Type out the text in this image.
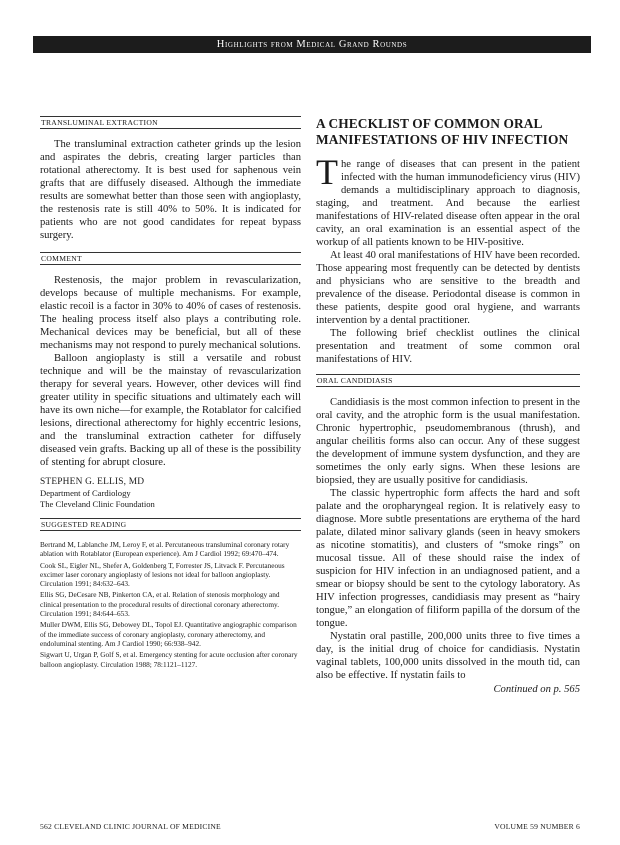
Highlights from Medical Grand Rounds
TRANSLUMINAL EXTRACTION

The transluminal extraction catheter grinds up the lesion and aspirates the debris, creating larger particles than rotational atherectomy. It is best used for saphenous vein grafts that are diffusely diseased. Although the immediate results are somewhat better than those seen with angioplasty, the restenosis rate is still 40% to 50%. It is indicated for patients who are not good candidates for repeat bypass surgery.

COMMENT

Restenosis, the major problem in revascularization, develops because of multiple mechanisms. For example, elastic recoil is a factor in 30% to 40% of cases of restenosis. The healing process itself also plays a contributing role. Mechanical devices may be beneficial, but all of these mechanisms may not respond to purely mechanical solutions.

Balloon angioplasty is still a versatile and robust technique and will be the mainstay of revascularization therapy for several years. However, other devices will find greater utility in specific situations and ultimately each will have its own niche—for example, the Rotablator for calcified lesions, directional atherectomy for highly eccentric lesions, and the transluminal extraction catheter for diffusely diseased vein grafts. Backing up all of these is the possibility of stenting for abrupt closure.

STEPHEN G. ELLIS, MD
Department of Cardiology
The Cleveland Clinic Foundation
SUGGESTED READING

Bertrand M, Lablanche JM, Leroy F, et al. Percutaneous transluminal coronary rotary ablation with Rotablator (European experience). Am J Cardiol 1992; 69:470–474.

Cook SL, Eigler NL, Shefer A, Goldenberg T, Forrester JS, Litvack F. Percutaneous excimer laser coronary angioplasty of lesions not ideal for balloon angioplasty. Circulation 1991; 84:632–643.

Ellis SG, DeCesare NB, Pinkerton CA, et al. Relation of stenosis morphology and clinical presentation to the procedural results of directional coronary atherectomy. Circulation 1991; 84:644–653.

Muller DWM, Ellis SG, Debowey DL, Topol EJ. Quantitative angiographic comparison of the immediate success of coronary angioplasty, coronary atherectomy, and endoluminal stenting. Am J Cardiol 1990; 66:938–942.

Sigwart U, Urgan P, Golf S, et al. Emergency stenting for acute occlusion after coronary balloon angioplasty. Circulation 1988; 78:1121–1127.

A CHECKLIST OF COMMON ORAL MANIFESTATIONS OF HIV INFECTION

The range of diseases that can present in the patient infected with the human immunodeficiency virus (HIV) demands a multidisciplinary approach to diagnosis, staging, and treatment. And because the earliest manifestations of HIV-related disease often appear in the oral cavity, an oral examination is an essential aspect of the workup of all patients known to be HIV-positive.

At least 40 oral manifestations of HIV have been recorded. Those appearing most frequently can be detected by dentists and physicians who are sensitive to the breadth and prevalence of the disease. Periodontal disease is common in these patients, despite good oral hygiene, and warrants intervention by a dental practitioner.

The following brief checklist outlines the clinical presentation and treatment of some common oral manifestations of HIV.

ORAL CANDIDIASIS

Candidiasis is the most common infection to present in the oral cavity, and the atrophic form is the usual manifestation. Chronic hypertrophic, pseudomembranous (thrush), and angular cheilitis forms also can occur. Any of these suggest the development of immune system dysfunction, and they are sometimes the only early signs. When these lesions are biopsied, they are usually positive for candidiasis.

The classic hypertrophic form affects the hard and soft palate and the oropharyngeal region. It is relatively easy to diagnose. More subtle presentations are erythema of the hard palate, dilated minor salivary glands (seen in heavy smokers as nicotine stomatitis), and clusters of “smoke rings” on mucosal tissue. All of these should raise the index of suspicion for HIV infection in an undiagnosed patient, and a smear or biopsy should be sent to the cytology laboratory. As HIV infection progresses, candidiasis may present as “hairy tongue,” an elongation of filiform papilla of the dorsum of the tongue.

Nystatin oral pastille, 200,000 units three to five times a day, is the initial drug of choice for candidiasis. Nystatin vaginal tablets, 100,000 units dissolved in the mouth tid, can also be effective. If nystatin fails to

Continued on p. 565
562 CLEVELAND CLINIC JOURNAL OF MEDICINE	VOLUME 59 NUMBER 6
